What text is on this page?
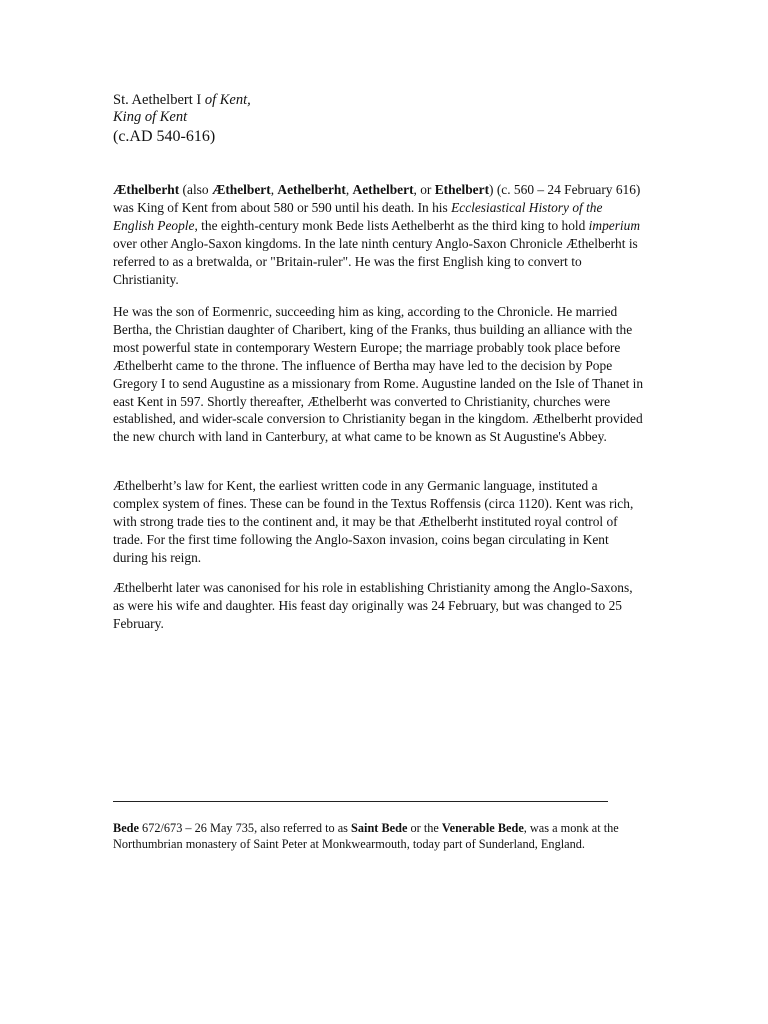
St. Aethelbert I of Kent,
King of Kent

(c.AD 540-616)

Æthelberht (also Æthelbert, Aethelberht, Aethelbert, or Ethelbert) (c. 560 – 24 February 616) was King of Kent from about 580 or 590 until his death. In his Ecclesiastical History of the English People, the eighth-century monk Bede lists Aethelberht as the third king to hold imperium over other Anglo-Saxon kingdoms. In the late ninth century Anglo-Saxon Chronicle Æthelberht is referred to as a bretwalda, or "Britain-ruler". He was the first English king to convert to Christianity.

He was the son of Eormenric, succeeding him as king, according to the Chronicle. He married Bertha, the Christian daughter of Charibert, king of the Franks, thus building an alliance with the most powerful state in contemporary Western Europe; the marriage probably took place before Æthelberht came to the throne. The influence of Bertha may have led to the decision by Pope Gregory I to send Augustine as a missionary from Rome. Augustine landed on the Isle of Thanet in east Kent in 597. Shortly thereafter, Æthelberht was converted to Christianity, churches were established, and wider-scale conversion to Christianity began in the kingdom. Æthelberht provided the new church with land in Canterbury, at what came to be known as St Augustine's Abbey.

Æthelberht’s law for Kent, the earliest written code in any Germanic language, instituted a complex system of fines. These can be found in the Textus Roffensis (circa 1120). Kent was rich, with strong trade ties to the continent and, it may be that Æthelberht instituted royal control of trade. For the first time following the Anglo-Saxon invasion, coins began circulating in Kent during his reign.

Æthelberht later was canonised for his role in establishing Christianity among the Anglo-Saxons, as were his wife and daughter. His feast day originally was 24 February, but was changed to 25 February.

Bede 672/673 – 26 May 735, also referred to as Saint Bede or the Venerable Bede, was a monk at the Northumbrian monastery of Saint Peter at Monkwearmouth, today part of Sunderland, England.
